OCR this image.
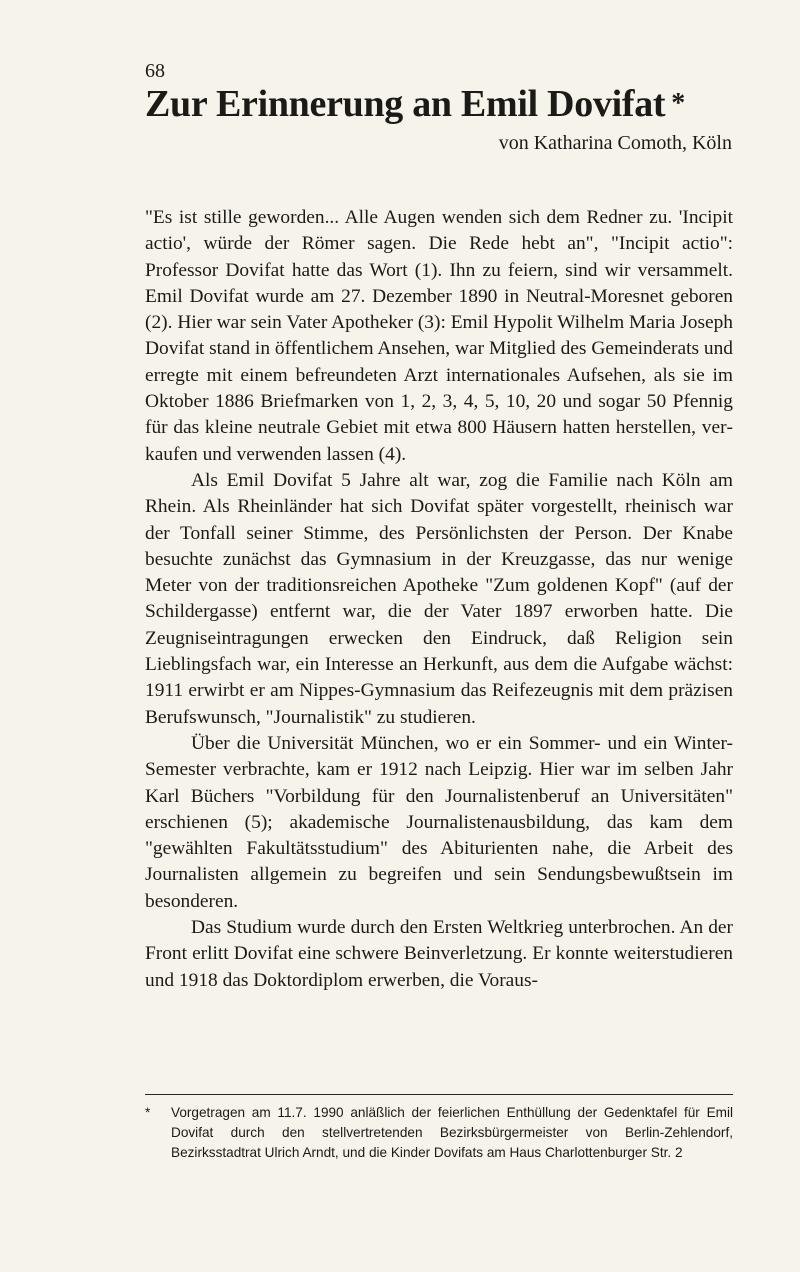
68
Zur Erinnerung an Emil Dovifat *
von Katharina Comoth, Köln

"Es ist stille geworden... Alle Augen wenden sich dem Redner zu. 'Incipit actio', würde der Römer sagen. Die Rede hebt an", "Incipit actio": Professor Dovifat hatte das Wort (1). Ihn zu feiern, sind wir versammelt. Emil Dovifat wurde am 27. Dezember 1890 in Neutral-Moresnet geboren (2). Hier war sein Vater Apotheker (3): Emil Hypolit Wilhelm Maria Joseph Dovifat stand in öffentlichem Ansehen, war Mitglied des Gemeinderats und erregte mit einem befreundeten Arzt internationales Aufsehen, als sie im Oktober 1886 Briefmarken von 1, 2, 3, 4, 5, 10, 20 und sogar 50 Pfennig für das kleine neutrale Gebiet mit etwa 800 Häusern hatten herstellen, verkaufen und verwenden lassen (4).

Als Emil Dovifat 5 Jahre alt war, zog die Familie nach Köln am Rhein. Als Rheinländer hat sich Dovifat später vorgestellt, rheinisch war der Tonfall seiner Stimme, des Persönlichsten der Person. Der Knabe besuchte zunächst das Gymnasium in der Kreuzgasse, das nur wenige Meter von der traditionsreichen Apotheke "Zum goldenen Kopf" (auf der Schildergasse) entfernt war, die der Vater 1897 erworben hatte. Die Zeugniseintragungen erwecken den Eindruck, daß Religion sein Lieblingsfach war, ein Interesse an Herkunft, aus dem die Aufgabe wächst: 1911 erwirbt er am Nippes-Gymnasium das Reifezeugnis mit dem präzisen Berufswunsch, "Journalistik" zu studieren.

Über die Universität München, wo er ein Sommer- und ein Winter-Semester verbrachte, kam er 1912 nach Leipzig. Hier war im selben Jahr Karl Büchers "Vorbildung für den Journalistenberuf an Universitäten" erschienen (5); akademische Journalistenausbildung, das kam dem "gewählten Fakultätsstudium" des Abiturienten nahe, die Arbeit des Journalisten allgemein zu begreifen und sein Sendungsbewußtsein im besonderen.

Das Studium wurde durch den Ersten Weltkrieg unterbrochen. An der Front erlitt Dovifat eine schwere Beinverletzung. Er konnte weiterstudieren und 1918 das Doktordiplom erwerben, die Voraus-

* Vorgetragen am 11.7. 1990 anläßlich der feierlichen Enthüllung der Gedenktafel für Emil Dovifat durch den stellvertretenden Bezirksbürgermeister von Berlin-Zehlendorf, Bezirksstadtrat Ulrich Arndt, und die Kinder Dovifats am Haus Charlottenburger Str. 2
